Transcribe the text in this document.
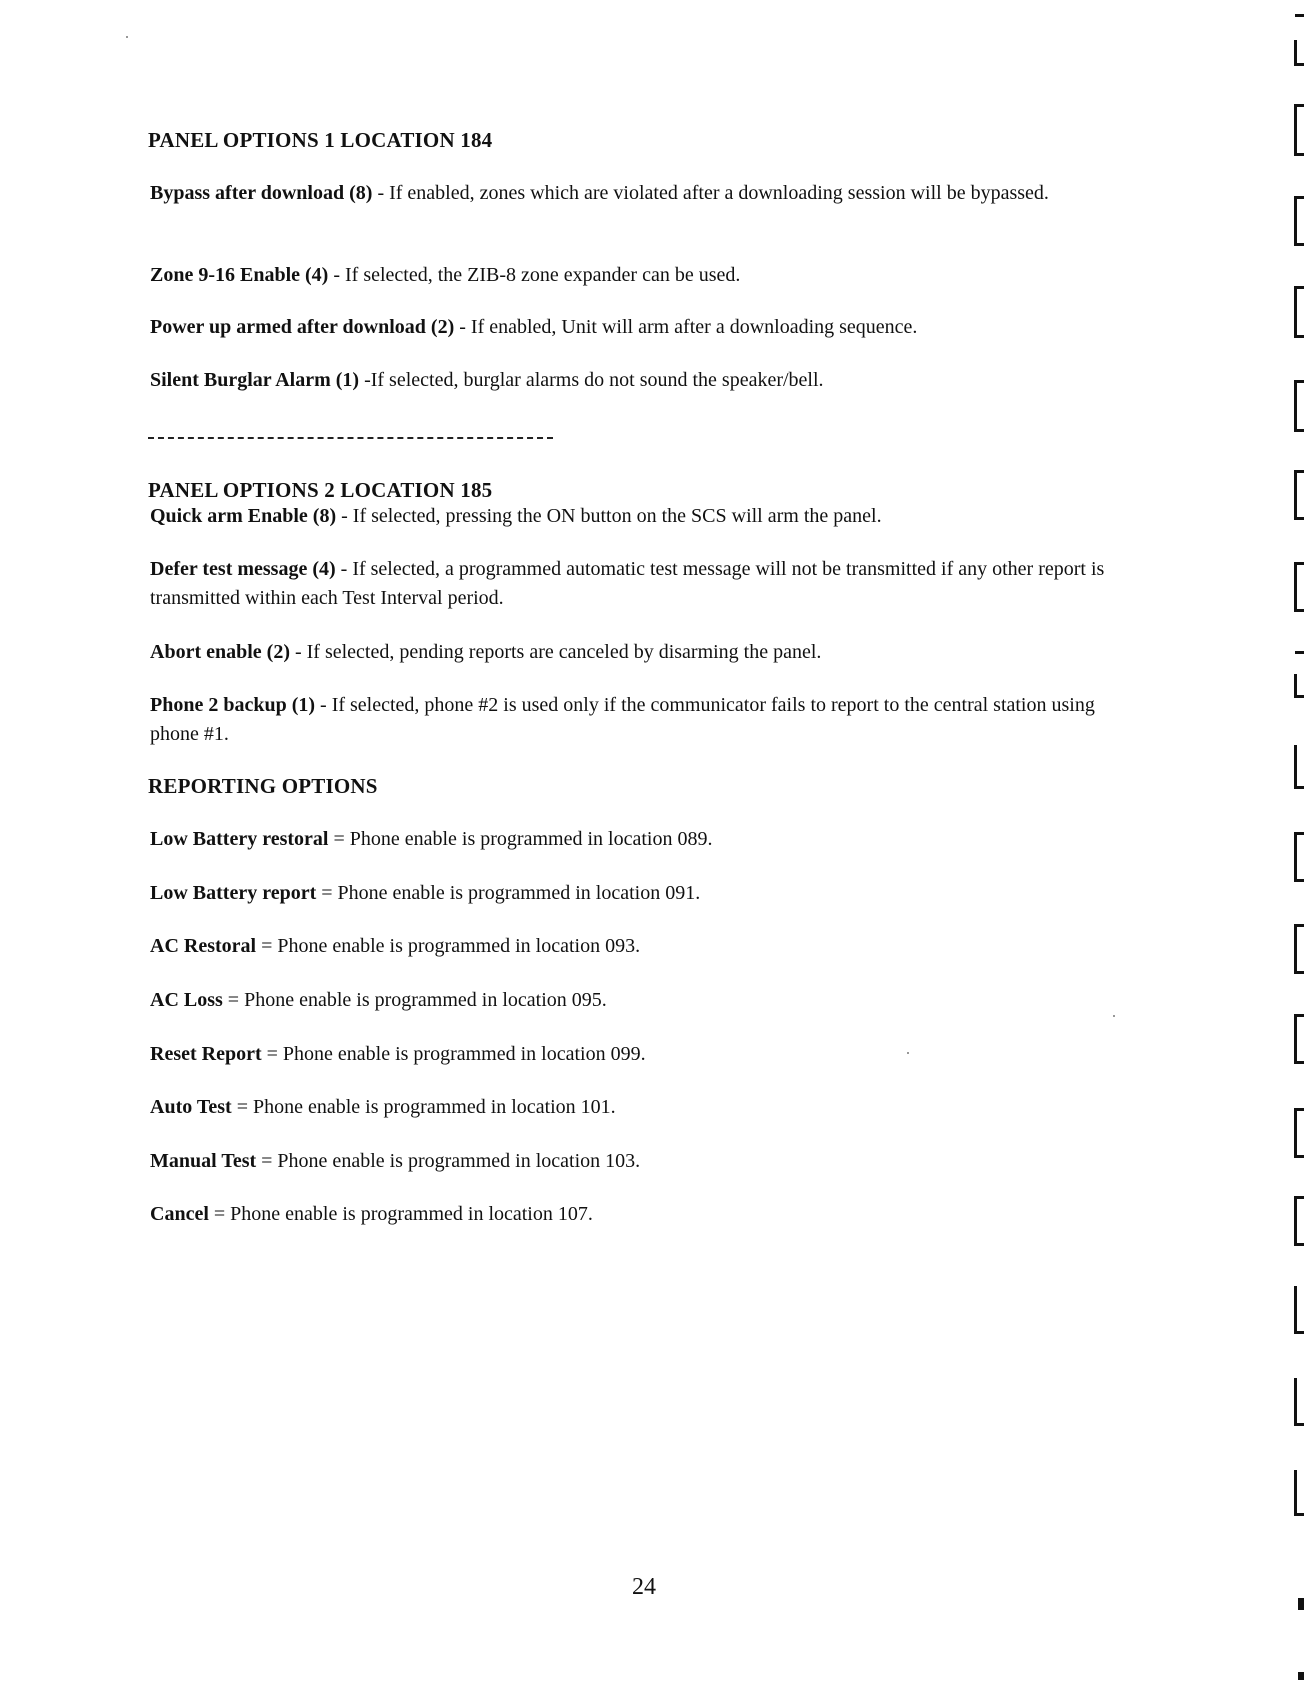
PANEL OPTIONS 1 LOCATION 184
Bypass after download (8) - If enabled, zones which are violated after a downloading session will be bypassed.
Zone 9-16 Enable (4) - If selected, the ZIB-8 zone expander can be used.
Power up armed after download (2) - If enabled, Unit will arm after a downloading sequence.
Silent Burglar Alarm (1) -If selected, burglar alarms do not sound the speaker/bell.
PANEL OPTIONS 2 LOCATION 185
Quick arm Enable (8) - If selected, pressing the ON button on the SCS will arm the panel.
Defer test message (4) - If selected, a programmed automatic test message will not be transmitted if any other report is transmitted within each Test Interval period.
Abort enable (2) - If selected, pending reports are canceled by disarming the panel.
Phone 2 backup (1) - If selected, phone #2 is used only if the communicator fails to report to the central station using phone #1.
REPORTING OPTIONS
Low Battery restoral = Phone enable is programmed in location 089.
Low Battery report = Phone enable is programmed in location 091.
AC Restoral = Phone enable is programmed in location 093.
AC Loss = Phone enable is programmed in location 095.
Reset Report = Phone enable is programmed in location 099.
Auto Test = Phone enable is programmed in location 101.
Manual Test = Phone enable is programmed in location 103.
Cancel = Phone enable is programmed in location 107.
24
